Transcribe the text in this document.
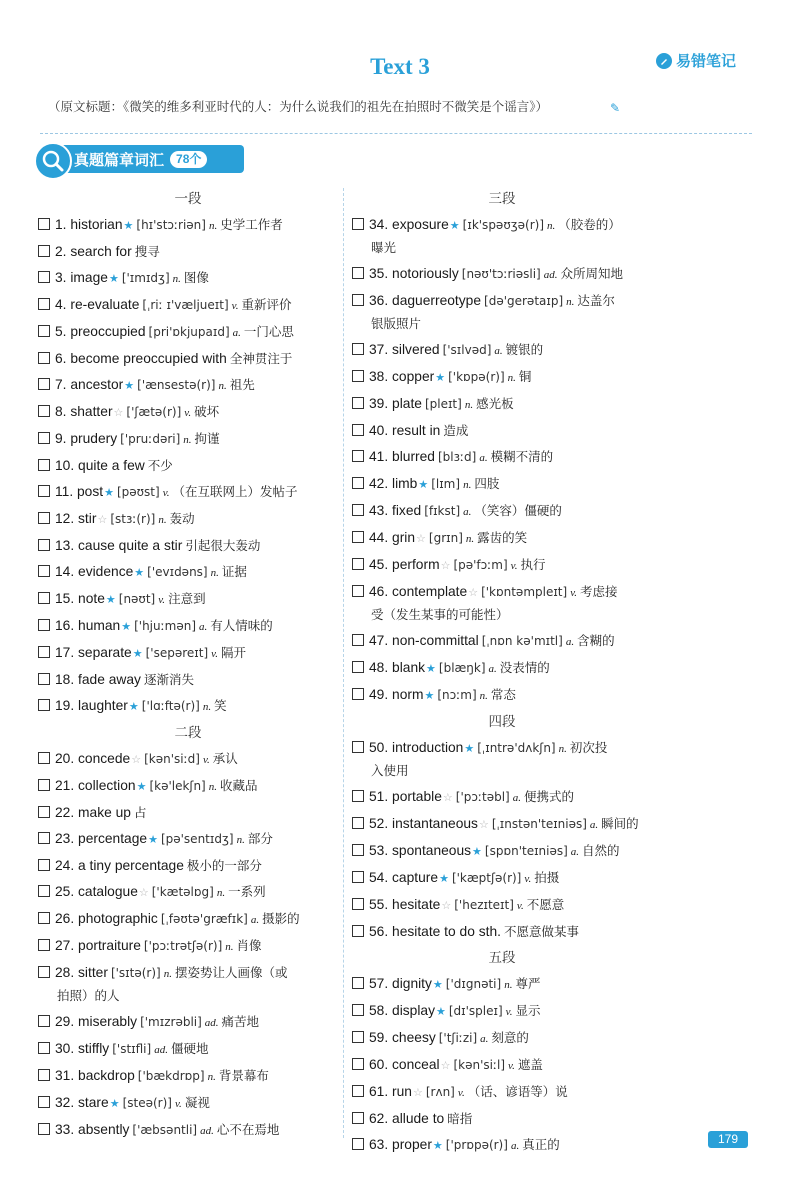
Text 3	易错笔记
（原文标题：《微笑的维多利亚时代的人：为什么说我们的祖先在拍照时不微笑是个谣言》）	✎
真题篇章词汇	78个
一段
1. historian★ [hɪ'stɔːriən] n. 史学工作者
2. search for 搜寻
3. image★ ['ɪmɪdʒ] n. 图像
4. re-evaluate [ˌriː ɪ'væljueɪt] v. 重新评价
5. preoccupied [pri'ɒkjupaɪd] a. 一门心思
6. become preoccupied with 全神贯注于
7. ancestor★ ['ænsestə(r)] n. 祖先
8. shatter☆ ['ʃætə(r)] v. 破坏
9. prudery ['pruːdəri] n. 拘谨
10. quite a few 不少
11. post★ [pəʊst] v. （在互联网上）发帖子
12. stir☆ [stɜː(r)] n. 轰动
13. cause quite a stir 引起很大轰动
14. evidence★ ['evɪdəns] n. 证据
15. note★ [nəʊt] v. 注意到
16. human★ ['hjuːmən] a. 有人情味的
17. separate★ ['sepəreɪt] v. 隔开
18. fade away 逐渐消失
19. laughter★ ['lɑːftə(r)] n. 笑
二段
20. concede☆ [kən'siːd] v. 承认
21. collection★ [kə'lekʃn] n. 收藏品
22. make up 占
23. percentage★ [pə'sentɪdʒ] n. 部分
24. a tiny percentage 极小的一部分
25. catalogue☆ ['kætəlɒg] n. 一系列
26. photographic [ˌfəʊtə'græfɪk] a. 摄影的
27. portraiture ['pɔːtrətʃə(r)] n. 肖像
28. sitter ['sɪtə(r)] n. 摆姿势让人画像（或
拍照）的人
29. miserably ['mɪzrəbli] ad. 痛苦地
30. stiffly ['stɪfli] ad. 僵硬地
31. backdrop ['bækdrɒp] n. 背景幕布
32. stare★ [steə(r)] v. 凝视
33. absently ['æbsəntli] ad. 心不在焉地
三段
34. exposure★ [ɪk'spəʊʒə(r)] n. （胶卷的）
曝光
35. notoriously [nəʊ'tɔːriəsli] ad. 众所周知地
36. daguerreotype [də'gerətaɪp] n. 达盖尔
银版照片
37. silvered ['sɪlvəd] a. 镀银的
38. copper★ ['kɒpə(r)] n. 铜
39. plate [pleɪt] n. 感光板
40. result in 造成
41. blurred [blɜːd] a. 模糊不清的
42. limb★ [lɪm] n. 四肢
43. fixed [fɪkst] a. （笑容）僵硬的
44. grin☆ [grɪn] n. 露齿的笑
45. perform☆ [pə'fɔːm] v. 执行
46. contemplate☆ ['kɒntəmpleɪt] v. 考虑接
受（发生某事的可能性）
47. non-committal [ˌnɒn kə'mɪtl] a. 含糊的
48. blank★ [blæŋk] a. 没表情的
49. norm★ [nɔːm] n. 常态
四段
50. introduction★ [ˌɪntrə'dʌkʃn] n. 初次投
入使用
51. portable☆ ['pɔːtəbl] a. 便携式的
52. instantaneous☆ [ˌɪnstən'teɪniəs] a. 瞬间的
53. spontaneous★ [spɒn'teɪniəs] a. 自然的
54. capture★ ['kæptʃə(r)] v. 拍摄
55. hesitate☆ ['hezɪteɪt] v. 不愿意
56. hesitate to do sth. 不愿意做某事
五段
57. dignity★ ['dɪgnəti] n. 尊严
58. display★ [dɪ'spleɪ] v. 显示
59. cheesy ['tʃiːzi] a. 刻意的
60. conceal☆ [kən'siːl] v. 遮盖
61. run☆ [rʌn] v. （话、谚语等）说
62. allude to 暗指
63. proper★ ['prɒpə(r)] a. 真正的	179
